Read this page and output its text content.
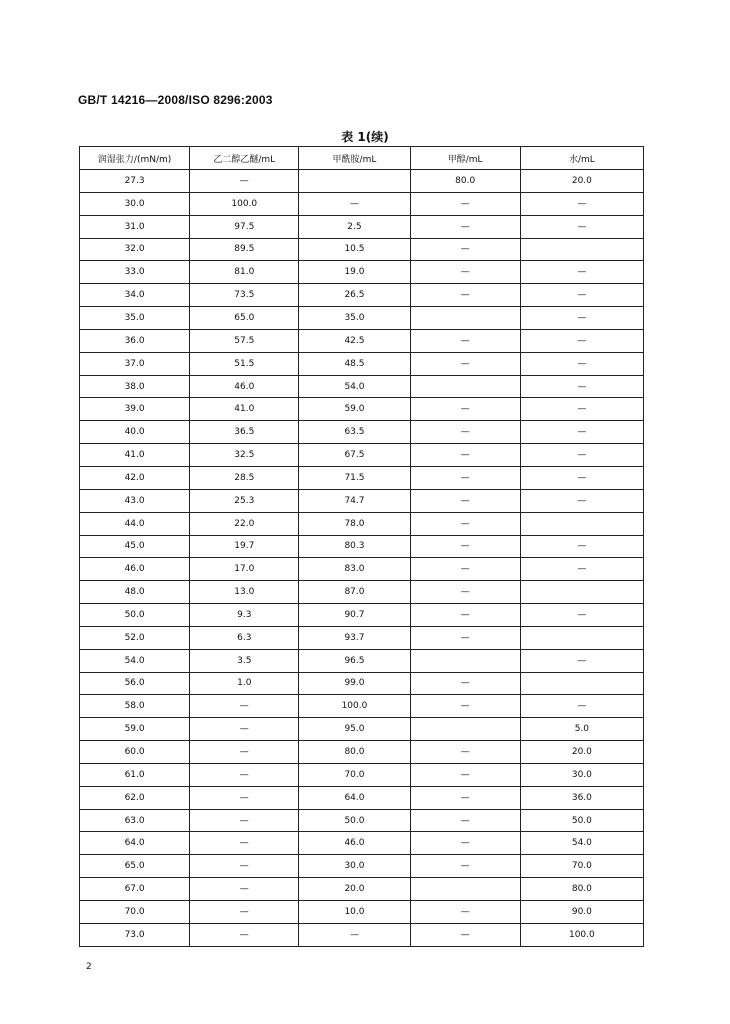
GB/T 14216—2008/ISO 8296:2003
表 1(续)
润湿张力/(mN/m)	乙二醇乙醚/mL	甲酰胺/mL	甲醇/mL	水/mL
27.3	—		80.0	20.0
30.0	100.0	—	—	—
31.0	97.5	2.5	—	—
32.0	89.5	10.5	—	
33.0	81.0	19.0	—	—
34.0	73.5	26.5	—	—
35.0	65.0	35.0		—
36.0	57.5	42.5	—	—
37.0	51.5	48.5	—	—
38.0	46.0	54.0		—
39.0	41.0	59.0	—	—
40.0	36.5	63.5	—	—
41.0	32.5	67.5	—	—
42.0	28.5	71.5	—	—
43.0	25.3	74.7	—	—
44.0	22.0	78.0	—	
45.0	19.7	80.3	—	—
46.0	17.0	83.0	—	—
48.0	13.0	87.0	—	
50.0	9.3	90.7	—	—
52.0	6.3	93.7	—	
54.0	3.5	96.5		—
56.0	1.0	99.0	—	
58.0	—	100.0	—	—
59.0	—	95.0		5.0
60.0	—	80.0	—	20.0
61.0	—	70.0	—	30.0
62.0	—	64.0	—	36.0
63.0	—	50.0	—	50.0
64.0	—	46.0	—	54.0
65.0	—	30.0	—	70.0
67.0	—	20.0		80.0
70.0	—	10.0	—	90.0
73.0	—	—	—	100.0
2
